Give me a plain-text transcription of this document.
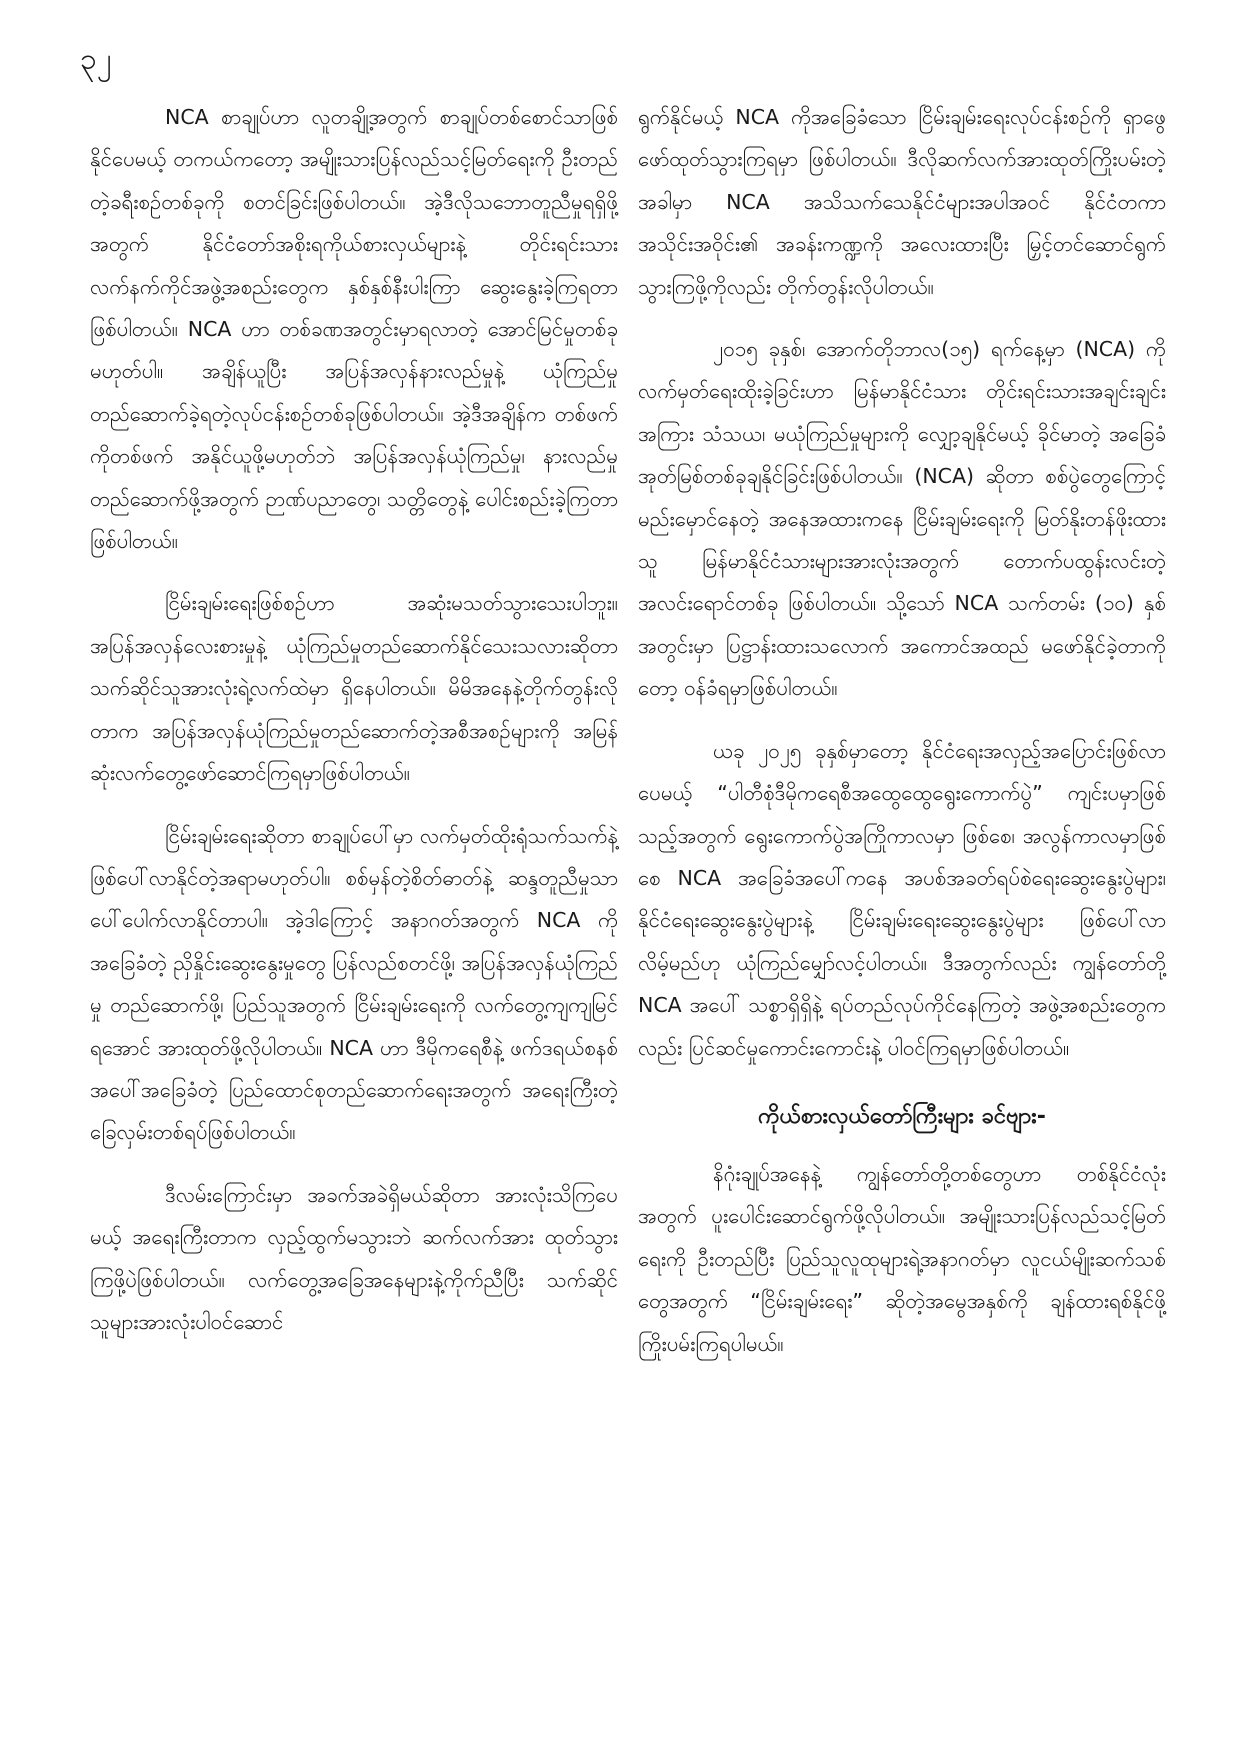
၃၂

NCA စာချုပ်ဟာ လူတချို့အတွက် စာချုပ်တစ်စောင်သာဖြစ်နိုင်ပေမယ့် တကယ်ကတော့ အမျိုးသားပြန်လည်သင့်မြတ်ရေးကို ဦးတည်တဲ့ခရီးစဉ်တစ်ခုကို စတင်ခြင်းဖြစ်ပါတယ်။ အဲ့ဒီလိုသဘောတူညီမှုရရှိဖို့အတွက် နိုင်ငံတော်အစိုးရကိုယ်စားလှယ်များနဲ့ တိုင်းရင်းသားလက်နက်ကိုင်အဖွဲ့အစည်းတွေက နှစ်နှစ်နီးပါးကြာ ဆွေးနွေးခဲ့ကြရတာဖြစ်ပါတယ်။ NCA ဟာ တစ်ခဏအတွင်းမှာရလာတဲ့ အောင်မြင်မှုတစ်ခုမဟုတ်ပါ။ အချိန်ယူပြီး အပြန်အလှန်နားလည်မှုနဲ့ ယုံကြည်မှုတည်ဆောက်ခဲ့ရတဲ့လုပ်ငန်းစဉ်တစ်ခုဖြစ်ပါတယ်။ အဲ့ဒီအချိန်က တစ်ဖက်ကိုတစ်ဖက် အနိုင်ယူဖို့မဟုတ်ဘဲ အပြန်အလှန်ယုံကြည်မှု၊ နားလည်မှုတည်ဆောက်ဖို့အတွက် ဉာဏ်ပညာတွေ၊ သတ္တိတွေနဲ့ ပေါင်းစည်းခဲ့ကြတာဖြစ်ပါတယ်။

ငြိမ်းချမ်းရေးဖြစ်စဉ်ဟာ အဆုံးမသတ်သွားသေးပါဘူး။ အပြန်အလှန်လေးစားမှုနဲ့ ယုံကြည်မှုတည်ဆောက်နိုင်သေးသလားဆိုတာ သက်ဆိုင်သူအားလုံးရဲ့လက်ထဲမှာ ရှိနေပါတယ်။ မိမိအနေနဲ့တိုက်တွန်းလိုတာက အပြန်အလှန်ယုံကြည်မှုတည်ဆောက်တဲ့အစီအစဉ်များကို အမြန်ဆုံးလက်တွေ့ဖော်ဆောင်ကြရမှာဖြစ်ပါတယ်။

ငြိမ်းချမ်းရေးဆိုတာ စာချုပ်ပေါ်မှာ လက်မှတ်ထိုးရုံသက်သက်နဲ့ ဖြစ်ပေါ်လာနိုင်တဲ့အရာမဟုတ်ပါ။ စစ်မှန်တဲ့စိတ်ဓာတ်နဲ့ ဆန္ဒတူညီမှုသာ ပေါ်ပေါက်လာနိုင်တာပါ။ အဲ့ဒါကြောင့် အနာဂတ်အတွက် NCA ကိုအခြေခံတဲ့ ညှိနှိုင်းဆွေးနွေးမှုတွေ ပြန်လည်စတင်ဖို့၊ အပြန်အလှန်ယုံကြည်မှု တည်ဆောက်ဖို့၊ ပြည်သူအတွက် ငြိမ်းချမ်းရေးကို လက်တွေ့ကျကျမြင်ရအောင် အားထုတ်ဖို့လိုပါတယ်။ NCA ဟာ ဒီမိုကရေစီနဲ့ ဖက်ဒရယ်စနစ်အပေါ်အခြေခံတဲ့ ပြည်ထောင်စုတည်ဆောက်ရေးအတွက် အရေးကြီးတဲ့ ခြေလှမ်းတစ်ရပ်ဖြစ်ပါတယ်။

ဒီလမ်းကြောင်းမှာ အခက်အခဲရှိမယ်ဆိုတာ အားလုံးသိကြပေမယ့် အရေးကြီးတာက လှည့်ထွက်မသွားဘဲ ဆက်လက်အား ထုတ်သွားကြဖို့ပဲဖြစ်ပါတယ်။ လက်တွေ့အခြေအနေများနဲ့ကိုက်ညီပြီး သက်ဆိုင်သူများအားလုံးပါဝင်ဆောင်

ရွက်နိုင်မယ့် NCA ကိုအခြေခံသော ငြိမ်းချမ်းရေးလုပ်ငန်းစဉ်ကို ရှာဖွေဖော်ထုတ်သွားကြရမှာ ဖြစ်ပါတယ်။ ဒီလိုဆက်လက်အားထုတ်ကြိုးပမ်းတဲ့အခါမှာ NCA အသိသက်သေနိုင်ငံများအပါအဝင် နိုင်ငံတကာအသိုင်းအဝိုင်း၏ အခန်းကဏ္ဍကို အလေးထားပြီး မြှင့်တင်ဆောင်ရွက်သွားကြဖို့ကိုလည်း တိုက်တွန်းလိုပါတယ်။

၂၀၁၅ ခုနှစ်၊ အောက်တိုဘာလ(၁၅) ရက်နေ့မှာ (NCA) ကို လက်မှတ်ရေးထိုးခဲ့ခြင်းဟာ မြန်မာနိုင်ငံသား တိုင်းရင်းသားအချင်းချင်းအကြား သံသယ၊ မယုံကြည်မှုများကို လျှော့ချနိုင်မယ့် ခိုင်မာတဲ့ အခြေခံအုတ်မြစ်တစ်ခုချနိုင်ခြင်းဖြစ်ပါတယ်။ (NCA) ဆိုတာ စစ်ပွဲတွေကြောင့် မည်းမှောင်နေတဲ့ အနေအထားကနေ ငြိမ်းချမ်းရေးကို မြတ်နိုးတန်ဖိုးထားသူ မြန်မာနိုင်ငံသားများအားလုံးအတွက် တောက်ပထွန်းလင်းတဲ့ အလင်းရောင်တစ်ခု ဖြစ်ပါတယ်။ သို့သော် NCA သက်တမ်း (၁၀) နှစ်အတွင်းမှာ ပြဋ္ဌာန်းထားသလောက် အကောင်အထည် မဖော်နိုင်ခဲ့တာကိုတော့ ဝန်ခံရမှာဖြစ်ပါတယ်။

ယခု ၂၀၂၅ ခုနှစ်မှာတော့ နိုင်ငံရေးအလှည့်အပြောင်းဖြစ်လာပေမယ့် “ပါတီစုံဒီမိုကရေစီအထွေထွေရွေးကောက်ပွဲ” ကျင်းပမှာဖြစ်သည့်အတွက် ရွေးကောက်ပွဲအကြိုကာလမှာ ဖြစ်စေ၊ အလွန်ကာလမှာဖြစ်စေ NCA အခြေခံအပေါ်ကနေ အပစ်အခတ်ရပ်စဲရေးဆွေးနွေးပွဲများ၊ နိုင်ငံရေးဆွေးနွေးပွဲများနဲ့ ငြိမ်းချမ်းရေးဆွေးနွေးပွဲများ ဖြစ်ပေါ်လာလိမ့်မည်ဟု ယုံကြည်မျှော်လင့်ပါတယ်။ ဒီအတွက်လည်း ကျွန်တော်တို့ NCA အပေါ် သစ္စာရှိရှိနဲ့ ရပ်တည်လုပ်ကိုင်နေကြတဲ့ အဖွဲ့အစည်းတွေကလည်း ပြင်ဆင်မှုကောင်းကောင်းနဲ့ ပါဝင်ကြရမှာဖြစ်ပါတယ်။

ကိုယ်စားလှယ်တော်ကြီးများ ခင်ဗျား-

နိဂုံးချုပ်အနေနဲ့ ကျွန်တော်တို့တစ်တွေဟာ တစ်နိုင်ငံလုံးအတွက် ပူးပေါင်းဆောင်ရွက်ဖို့လိုပါတယ်။ အမျိုးသားပြန်လည်သင့်မြတ်ရေးကို ဦးတည်ပြီး ပြည်သူလူထုများရဲ့အနာဂတ်မှာ လူငယ်မျိုးဆက်သစ်တွေအတွက် “ငြိမ်းချမ်းရေး” ဆိုတဲ့အမွေအနှစ်ကို ချန်ထားရစ်နိုင်ဖို့ ကြိုးပမ်းကြရပါမယ်။
